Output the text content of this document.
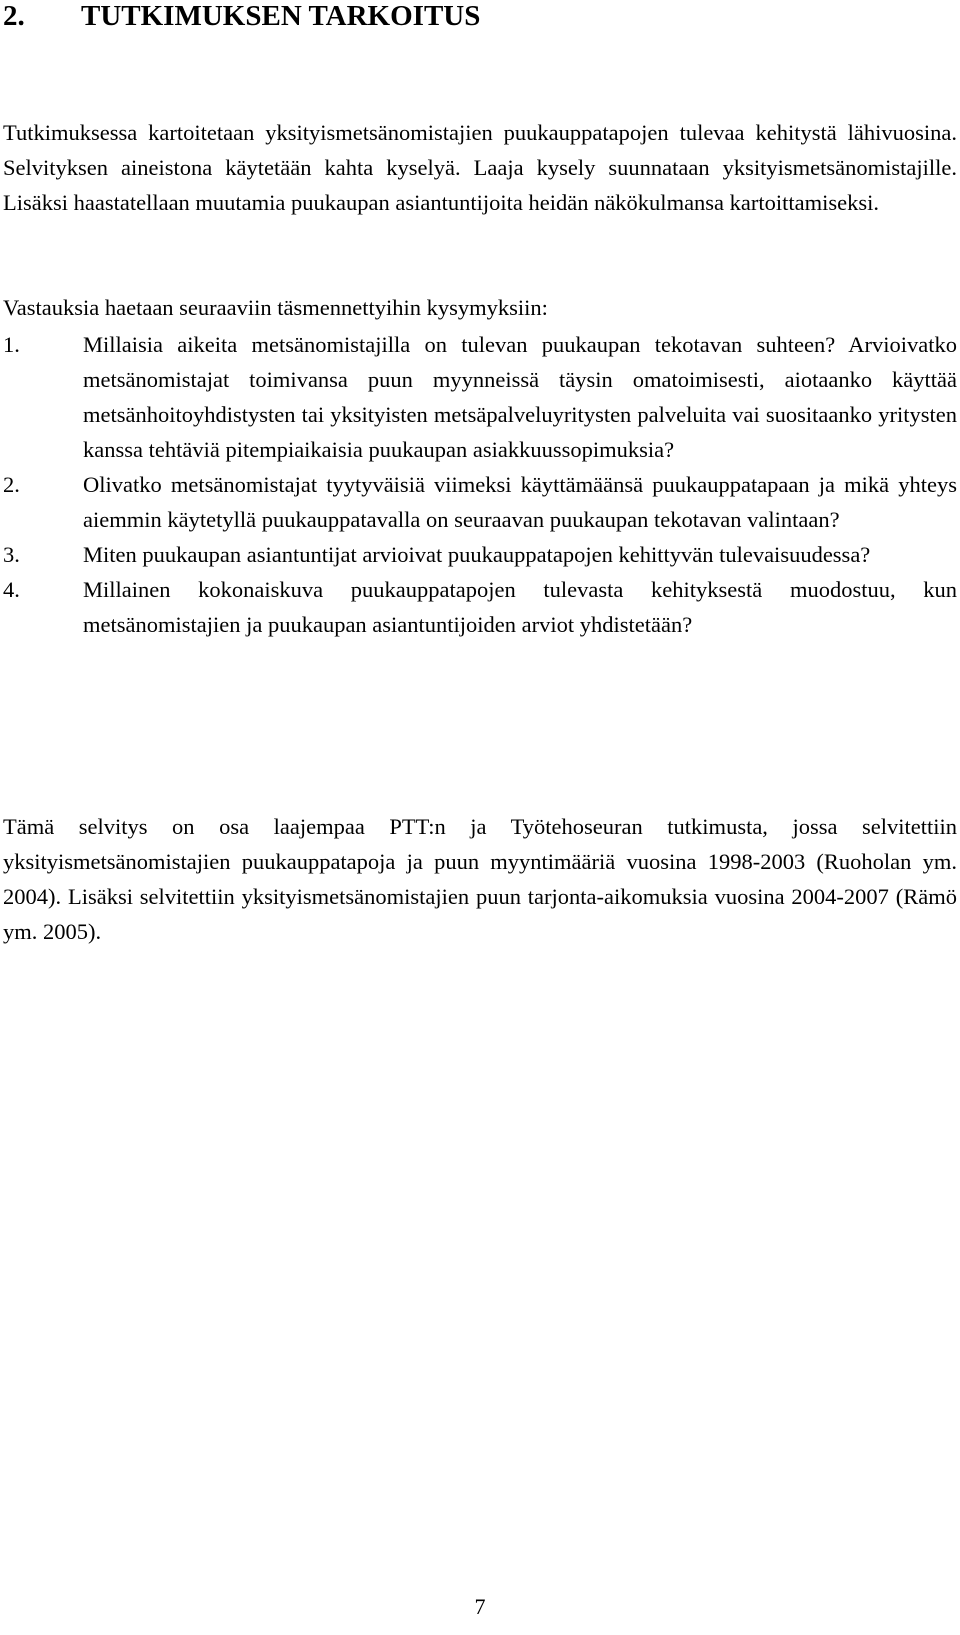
2. TUTKIMUKSEN TARKOITUS

Tutkimuksessa kartoitetaan yksityismetsänomistajien puukauppatapojen tulevaa kehitystä lähivuosina. Selvityksen aineistona käytetään kahta kyselyä. Laaja kysely suunnataan yksityismetsänomistajille. Lisäksi haastatellaan muutamia puukaupan asiantuntijoita heidän näkökulmansa kartoittamiseksi.

Vastauksia haetaan seuraaviin täsmennettyihin kysymyksiin:

1.	Millaisia aikeita metsänomistajilla on tulevan puukaupan tekotavan suhteen? Arvioivatko metsänomistajat toimivansa puun myynneissä täysin omatoimisesti, aiotaanko käyttää metsänhoitoyhdistysten tai yksityisten metsäpalveluyritysten palveluita vai suositaanko yritysten kanssa tehtäviä pitempiaikaisia puukaupan asiakkuussopimuksia?
2.	Olivatko metsänomistajat tyytyväisiä viimeksi käyttämäänsä puukauppatapaan ja mikä yhteys aiemmin käytetyllä puukauppatavalla on seuraavan puukaupan tekotavan valintaan?
3.	Miten puukaupan asiantuntijat arvioivat puukauppatapojen kehittyvän tulevaisuudessa?
4.	Millainen kokonaiskuva puukauppatapojen tulevasta kehityksestä muodostuu, kun metsänomistajien ja puukaupan asiantuntijoiden arviot yhdistetään?

Tämä selvitys on osa laajempaa PTT:n ja Työtehoseuran tutkimusta, jossa selvitettiin yksityismetsänomistajien puukauppatapoja ja puun myyntimääriä vuosina 1998-2003 (Ruoholan ym. 2004). Lisäksi selvitettiin yksityismetsänomistajien puun tarjonta-aikomuksia vuosina 2004-2007 (Rämö ym. 2005).

7
